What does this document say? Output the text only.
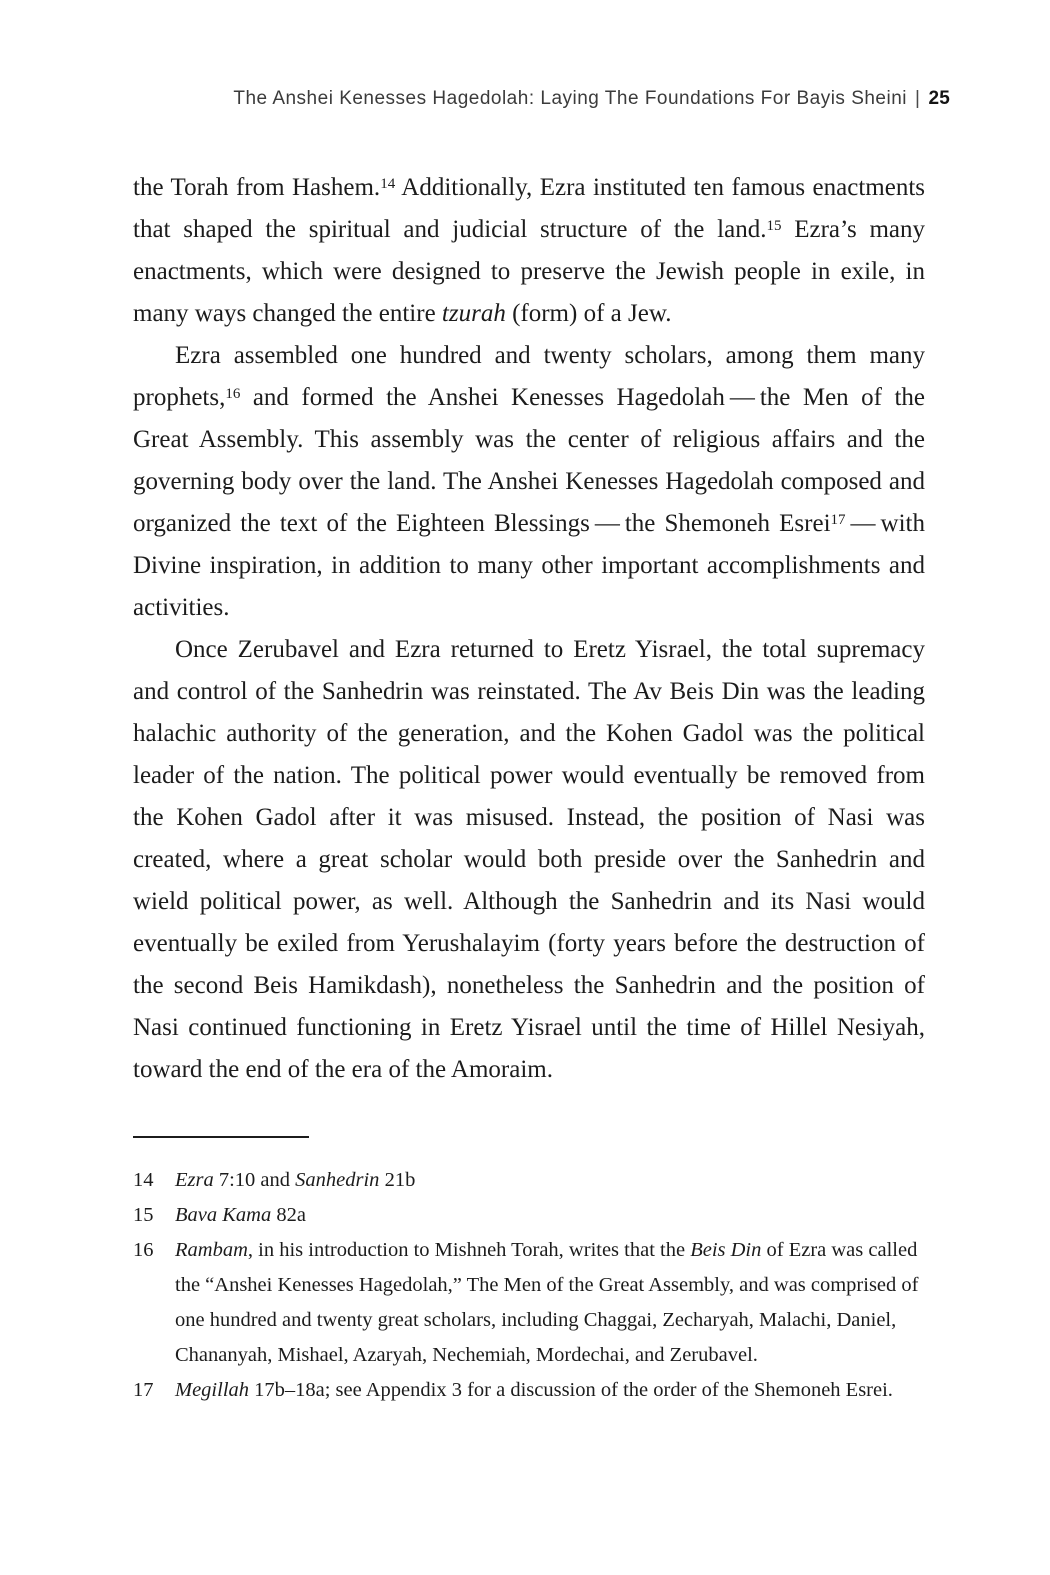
The Anshei Kenesses Hagedolah: Laying The Foundations For Bayis Sheini | 25

the Torah from Hashem.$^{14}$ Additionally, Ezra instituted ten famous enactments that shaped the spiritual and judicial structure of the land.$^{15}$ Ezra’s many enactments, which were designed to preserve the Jewish people in exile, in many ways changed the entire tzurah (form) of a Jew.

Ezra assembled one hundred and twenty scholars, among them many prophets,$^{16}$ and formed the Anshei Kenesses Hagedolah — the Men of the Great Assembly. This assembly was the center of religious affairs and the governing body over the land. The Anshei Kenesses Hagedolah composed and organized the text of the Eighteen Blessings — the Shemoneh Esrei$^{17}$ — with Divine inspiration, in addition to many other important accomplishments and activities.

Once Zerubavel and Ezra returned to Eretz Yisrael, the total supremacy and control of the Sanhedrin was reinstated. The Av Beis Din was the leading halachic authority of the generation, and the Kohen Gadol was the political leader of the nation. The political power would eventually be removed from the Kohen Gadol after it was misused. Instead, the position of Nasi was created, where a great scholar would both preside over the Sanhedrin and wield political power, as well. Although the Sanhedrin and its Nasi would eventually be exiled from Yerushalayim (forty years before the destruction of the second Beis Hamikdash), nonetheless the Sanhedrin and the position of Nasi continued functioning in Eretz Yisrael until the time of Hillel Nesiyah, toward the end of the era of the Amoraim.

14 Ezra 7:10 and Sanhedrin 21b
15 Bava Kama 82a
16 Rambam, in his introduction to Mishneh Torah, writes that the Beis Din of Ezra was called the “Anshei Kenesses Hagedolah,” The Men of the Great Assembly, and was comprised of one hundred and twenty great scholars, including Chaggai, Zecharyah, Malachi, Daniel, Chananyah, Mishael, Azaryah, Nechemiah, Mordechai, and Zerubavel.
17 Megillah 17b–18a; see Appendix 3 for a discussion of the order of the Shemoneh Esrei.
